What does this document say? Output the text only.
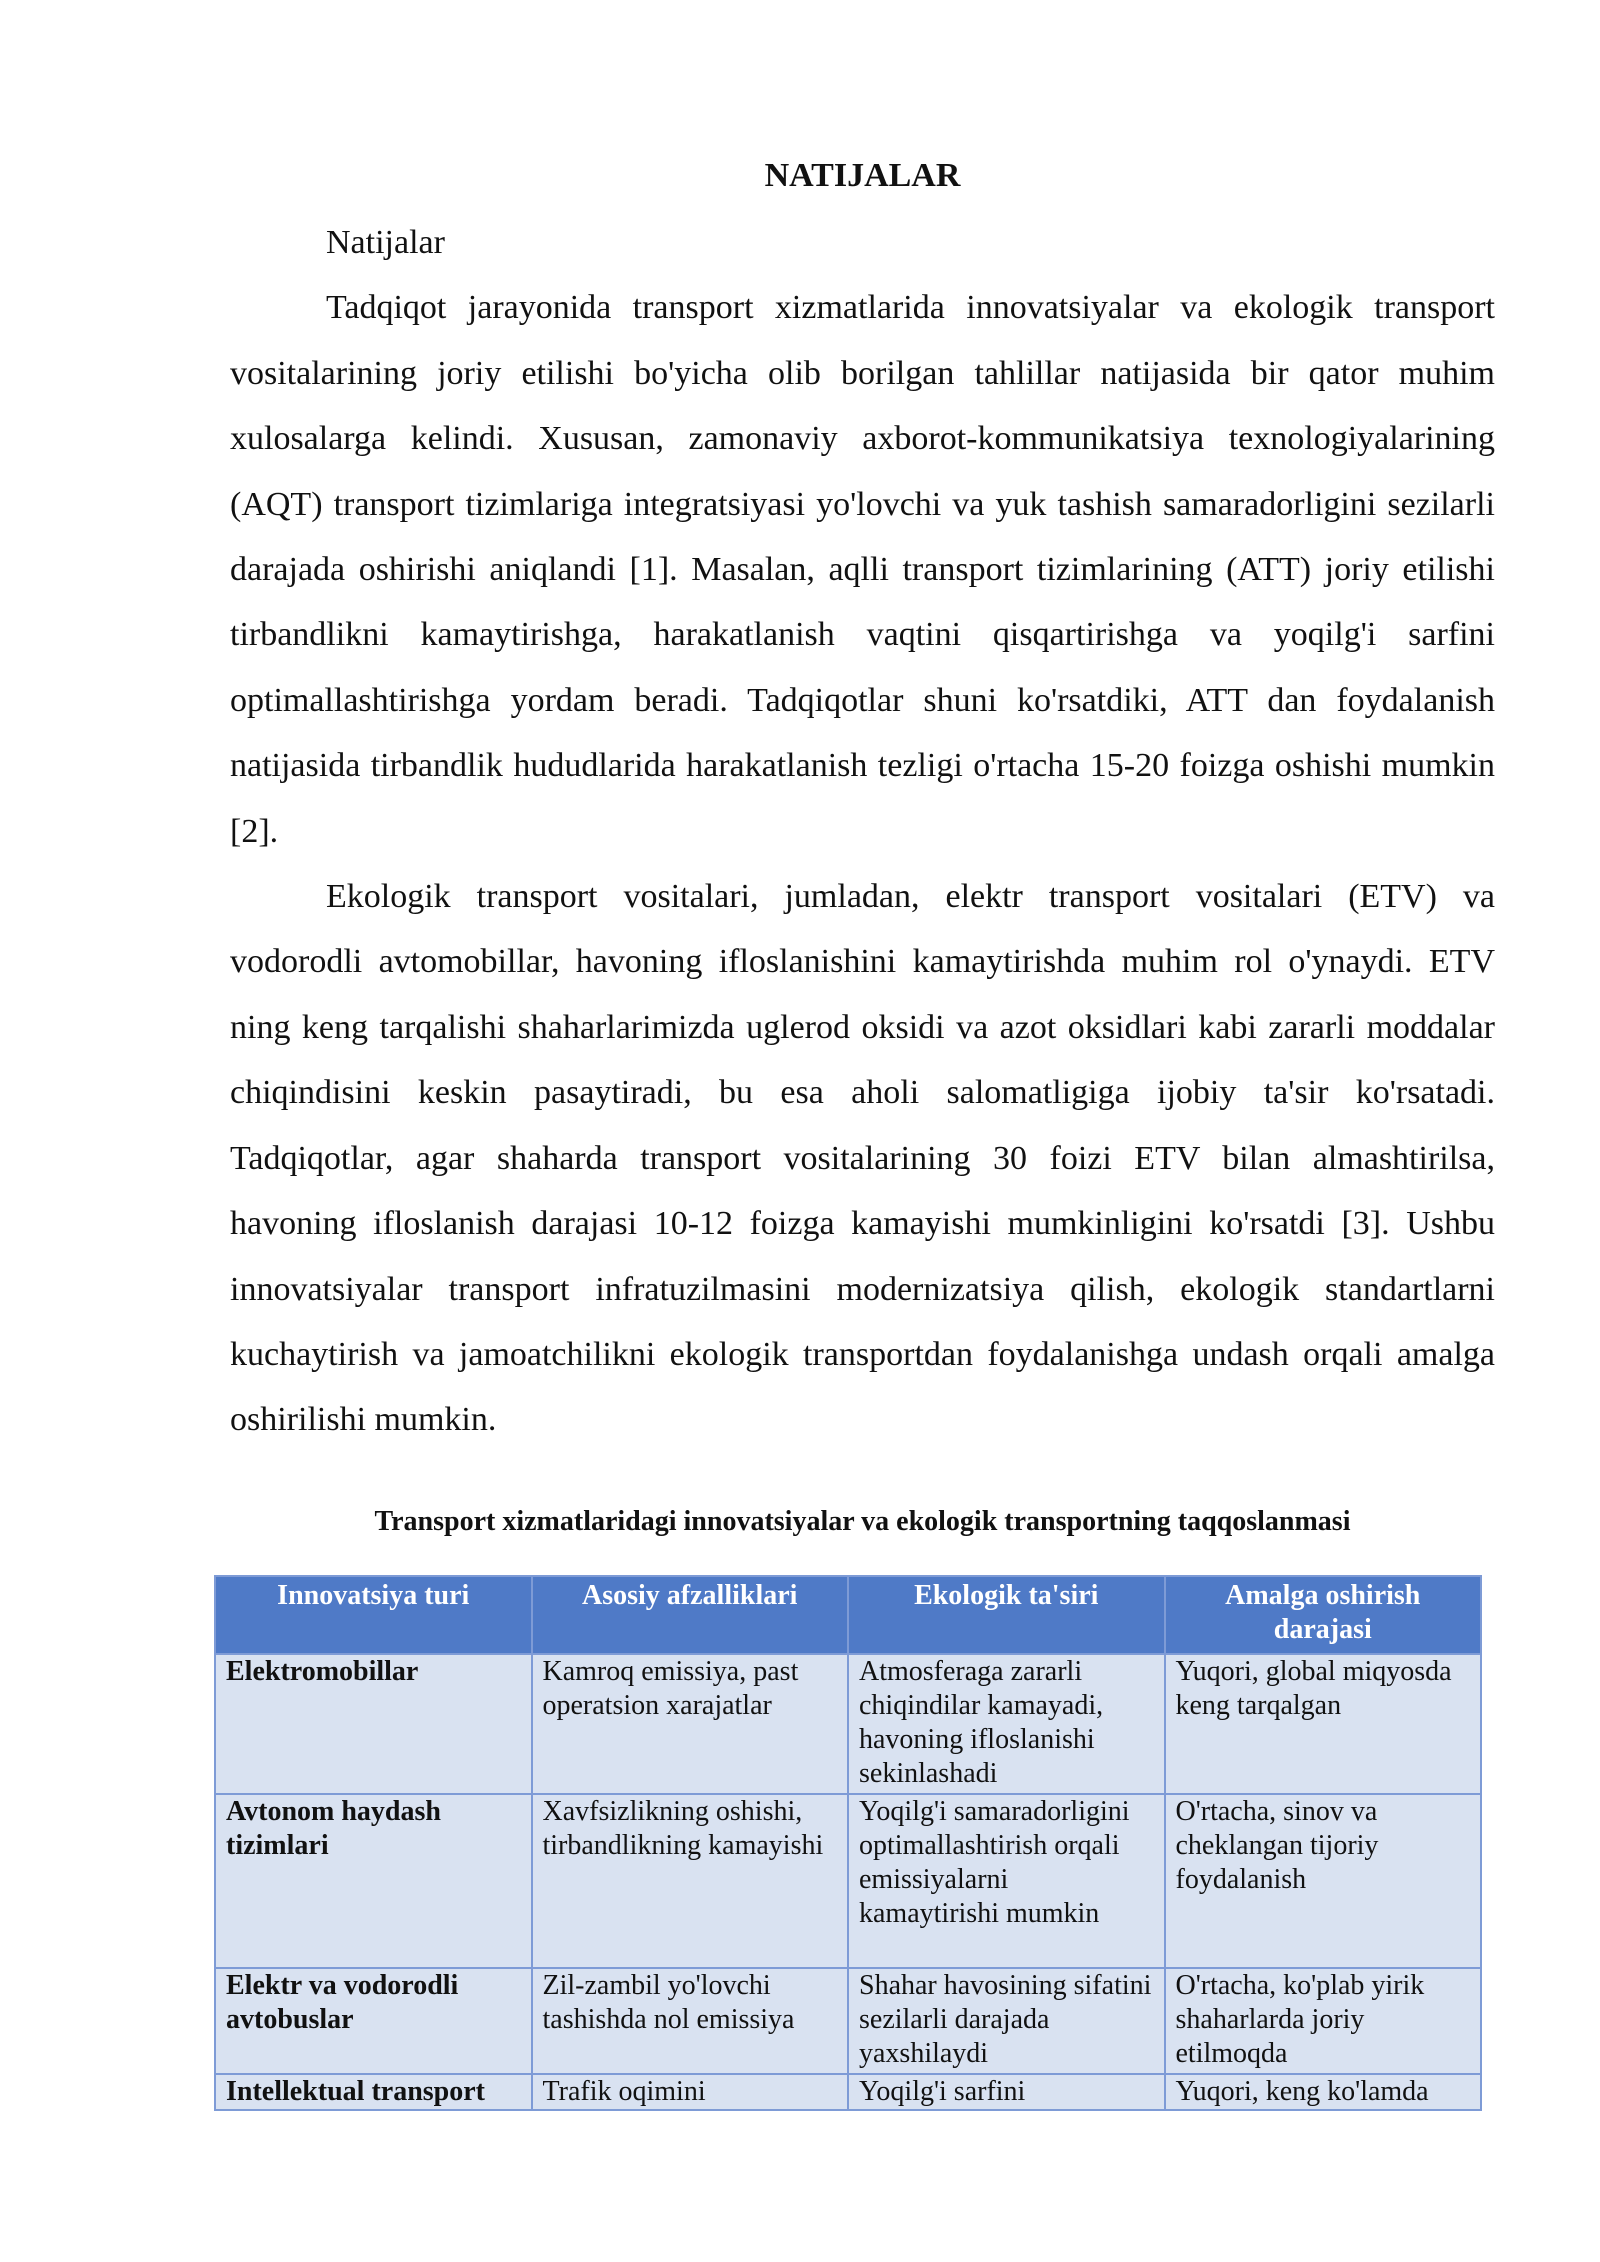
NATIJALAR

Natijalar

Tadqiqot jarayonida transport xizmatlarida innovatsiyalar va ekologik transport vositalarining joriy etilishi bo'yicha olib borilgan tahlillar natijasida bir qator muhim xulosalarga kelindi. Xususan, zamonaviy axborot-kommunikatsiya texnologiyalarining (AQT) transport tizimlariga integratsiyasi yo'lovchi va yuk tashish samaradorligini sezilarli darajada oshirishi aniqlandi [1]. Masalan, aqlli transport tizimlarining (ATT) joriy etilishi tirbandlikni kamaytirishga, harakatlanish vaqtini qisqartirishga va yoqilg'i sarfini optimallashtirishga yordam beradi. Tadqiqotlar shuni ko'rsatdiki, ATT dan foydalanish natijasida tirbandlik hududlarida harakatlanish tezligi o'rtacha 15-20 foizga oshishi mumkin [2].

Ekologik transport vositalari, jumladan, elektr transport vositalari (ETV) va vodorodli avtomobillar, havoning ifloslanishini kamaytirishda muhim rol o'ynaydi. ETV ning keng tarqalishi shaharlarimizda uglerod oksidi va azot oksidlari kabi zararli moddalar chiqindisini keskin pasaytiradi, bu esa aholi salomatligiga ijobiy ta'sir ko'rsatadi. Tadqiqotlar, agar shaharda transport vositalarining 30 foizi ETV bilan almashtirilsa, havoning ifloslanish darajasi 10-12 foizga kamayishi mumkinligini ko'rsatdi [3]. Ushbu innovatsiyalar transport infratuzilmasini modernizatsiya qilish, ekologik standartlarni kuchaytirish va jamoatchilikni ekologik transportdan foydalanishga undash orqali amalga oshirilishi mumkin.

Transport xizmatlaridagi innovatsiyalar va ekologik transportning taqqoslanmasi
Innovatsiya turi	Asosiy afzalliklari	Ekologik ta'siri	Amalga oshirish darajasi
Elektromobillar	Kamroq emissiya, past operatsion xarajatlar	Atmosferaga zararli chiqindilar kamayadi, havoning ifloslanishi sekinlashadi	Yuqori, global miqyosda keng tarqalgan
Avtonom haydash tizimlari	Xavfsizlikning oshishi, tirbandlikning kamayishi	Yoqilg'i samaradorligini optimallashtirish orqali emissiyalarni kamaytirishi mumkin	O'rtacha, sinov va cheklangan tijoriy foydalanish
Elektr va vodorodli avtobuslar	Zil-zambil yo'lovchi tashishda nol emissiya	Shahar havosining sifatini sezilarli darajada yaxshilaydi	O'rtacha, ko'plab yirik shaharlarda joriy etilmoqda
Intellektual transport	Trafik oqimini	Yoqilg'i sarfini	Yuqori, keng ko'lamda
